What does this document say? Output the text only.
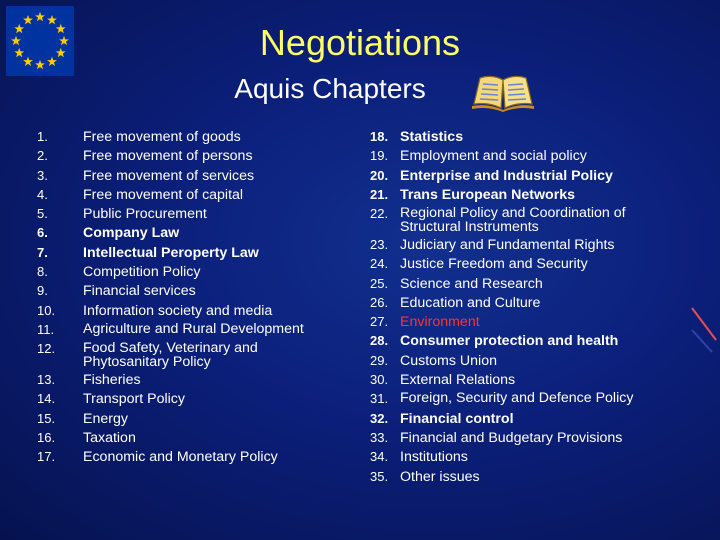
Negotiations
Aquis Chapters
1.	Free movement of goods
2.	Free movement of persons
3.	Free movement of services
4.	Free movement of capital
5.	Public Procurement
6.	Company Law
7.	Intellectual Peroperty Law
8.	Competition Policy
9.	Financial services
10.	Information society and media
11.	Agriculture and Rural Development
12.	Food Safety, Veterinary and Phytosanitary Policy
13.	Fisheries
14.	Transport Policy
15.	Energy
16.	Taxation
17.	Economic and Monetary Policy
18. Statistics
19. Employment and social policy
20. Enterprise and Industrial Policy
21. Trans European Networks
22. Regional Policy and Coordination of Structural Instruments
23. Judiciary and Fundamental Rights
24. Justice Freedom and Security
25. Science and Research
26. Education and Culture
27. Environment
28. Consumer protection and health
29. Customs Union
30. External Relations
31. Foreign, Security and Defence Policy
32. Financial control
33. Financial and Budgetary Provisions
34. Institutions
35. Other issues
